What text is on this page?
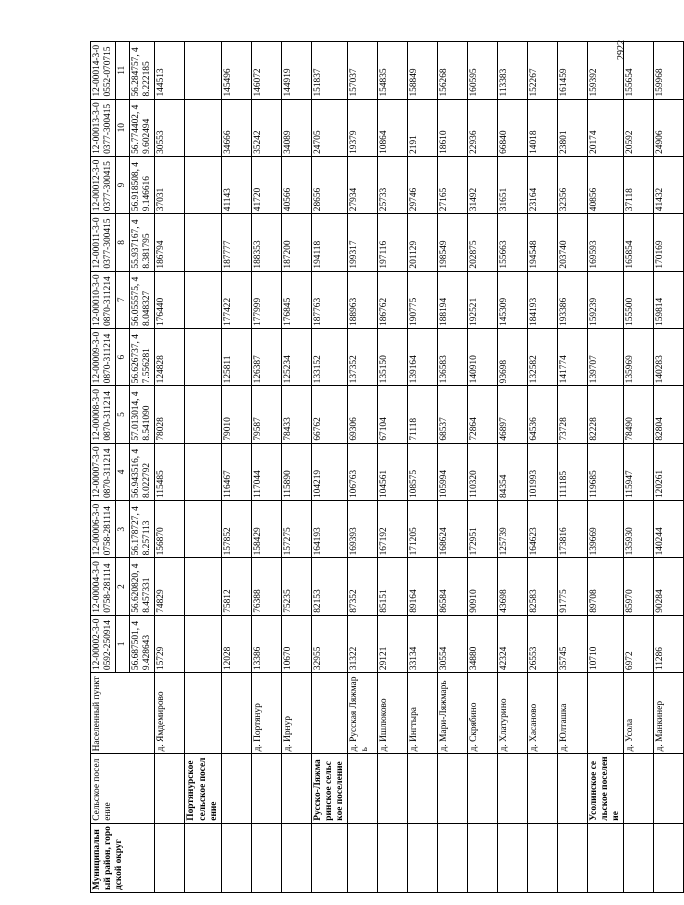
2922
Муниципальный район, городской округ	Сельское поселение	Населенный пункт	12-00002-3-00592-250914	12-00004-3-00758-281114	12-00006-3-00758-281114	12-00007-3-00870-311214	12-00008-3-00870-311214	12-00009-3-00870-311214	12-00010-3-00870-311214	12-00011-3-00377-300415	12-00012-3-00377-300415	12-00013-3-00377-300415	12-00014-3-00552-070715
			1	2	3	4	5	6	7	8	9	10	11
			56.687501, 49.428643	56.620820, 48.457331	56.178727, 48.257113	56.943516, 48.022792	57.013014, 48.541090	56.626737, 47.556281	56.055575, 48.048327	55.937167, 48.381795	56.918508, 49.146616	56.774402, 49.602494	56.284757, 48.222185
		д. Ямдемирово	15729	74829	156870	115485	78028	124828	176440	186794	37031	30553	144513
	Портянурское сельское поселение												
			12028	75812	157852	116467	79010	125811	177422	187777	41143	34666	145496
		д. Портянур	13386	76388	158429	117044	79587	126387	177999	188353	41720	35242	146072
		д. Ирнур	10670	75235	157275	115890	78433	125234	176845	187200	40566	34089	144919
	Русско-Ляжмаринское сельское поселение		32955	82153	164193	104219	66762	133152	187763	194118	28656	24705	151837
		д. Русская Ляжмарь	31322	87352	169393	106763	69306	137352	188963	199317	27934	19379	157037
		д. Ишлюково	29121	85151	167192	104561	67104	135150	186762	197116	25733	10864	154835
		д. Ингтыра	33134	89164	171205	108575	71118	139164	190775	201129	29746	2191	158849
		д. Мари-Ляжмарь	30554	86584	168624	105994	68537	136583	188194	198549	27165	18610	156268
		д. Скрябино	34880	90910	172951	110320	72864	140910	192521	202875	31492	22936	160595
		д. Хлатурино	42324	43698	125739	84354	46897	93698	145309	155663	31651	66840	113383
		д. Хасаново	26553	82583	164623	101993	64536	132582	184193	194548	23164	14018	152267
		д. Юлташка	35745	91775	173816	111185	73728	141774	193386	203740	32356	23801	161459
	Усолинское сельское поселение		10710	89708	139669	119685	82228	139707	159239	169593	40856	20174	159392
		д. Усола	6972	85970	135930	115947	78490	135969	155500	165854	37118	20592	155654
		д. Манкинер	11286	90284	140244	120261	82804	140283	159814	170169	41432	24906	159968
